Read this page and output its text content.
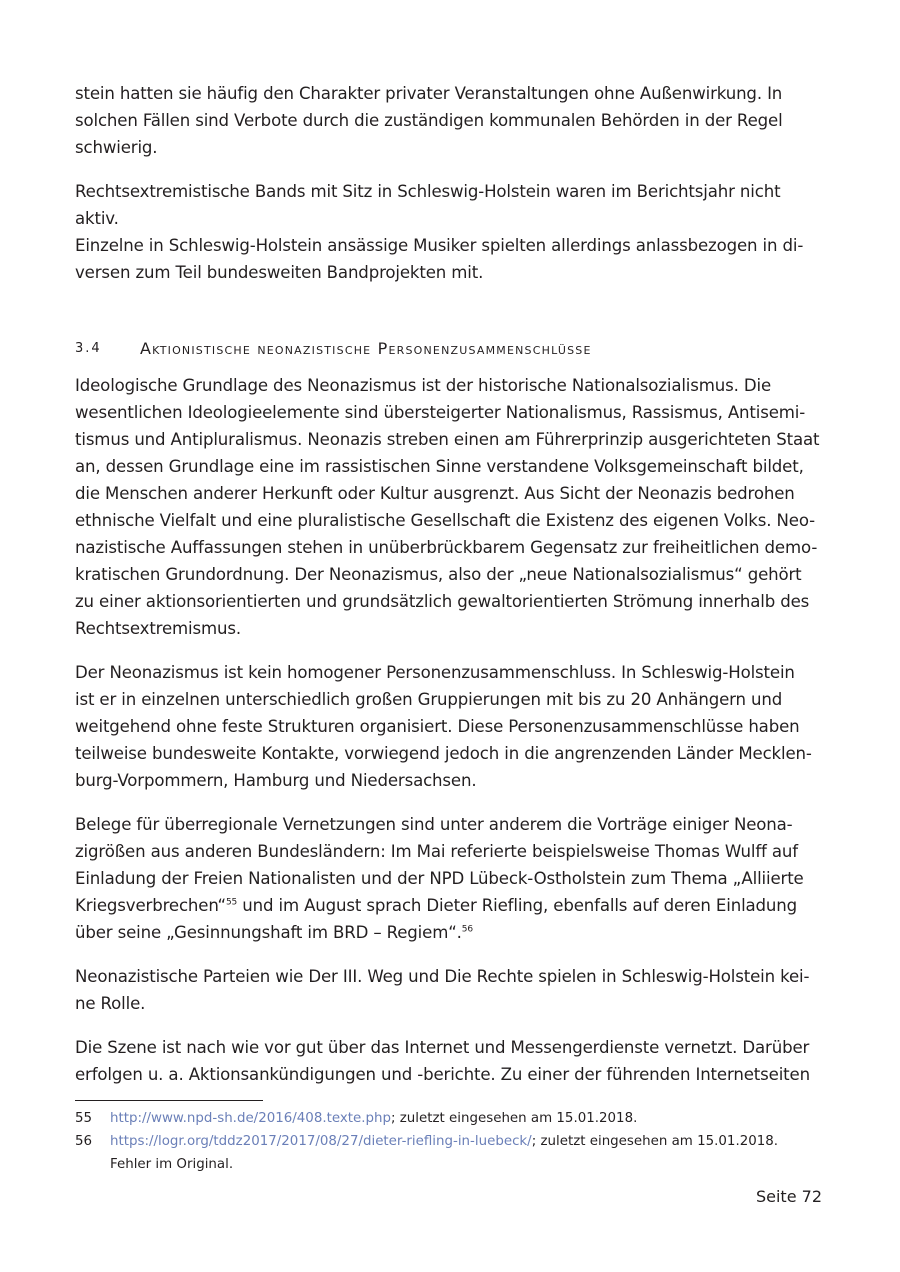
stein hatten sie häufig den Charakter privater Veranstaltungen ohne Außenwirkung. In
solchen Fällen sind Verbote durch die zuständigen kommunalen Behörden in der Regel
schwierig.

Rechtsextremistische Bands mit Sitz in Schleswig-Holstein waren im Berichtsjahr nicht aktiv.
Einzelne in Schleswig-Holstein ansässige Musiker spielten allerdings anlassbezogen in di-
versen zum Teil bundesweiten Bandprojekten mit.

3.4	Aktionistische neonazistische Personenzusammenschlüsse

Ideologische Grundlage des Neonazismus ist der historische Nationalsozialismus. Die
wesentlichen Ideologieelemente sind übersteigerter Nationalismus, Rassismus, Antisemi-
tismus und Antipluralismus. Neonazis streben einen am Führerprinzip ausgerichteten Staat
an, dessen Grundlage eine im rassistischen Sinne verstandene Volksgemeinschaft bildet,
die Menschen anderer Herkunft oder Kultur ausgrenzt. Aus Sicht der Neonazis bedrohen
ethnische Vielfalt und eine pluralistische Gesellschaft die Existenz des eigenen Volks. Neo-
nazistische Auffassungen stehen in unüberbrückbarem Gegensatz zur freiheitlichen demo-
kratischen Grundordnung. Der Neonazismus, also der „neue Nationalsozialismus“ gehört
zu einer aktionsorientierten und grundsätzlich gewaltorientierten Strömung innerhalb des
Rechtsextremismus.

Der Neonazismus ist kein homogener Personenzusammenschluss. In Schleswig-Holstein
ist er in einzelnen unterschiedlich großen Gruppierungen mit bis zu 20 Anhängern und
weitgehend ohne feste Strukturen organisiert. Diese Personenzusammenschlüsse haben
teilweise bundesweite Kontakte, vorwiegend jedoch in die angrenzenden Länder Mecklen-
burg-Vorpommern, Hamburg und Niedersachsen.

Belege für überregionale Vernetzungen sind unter anderem die Vorträge einiger Neona-
zigrößen aus anderen Bundesländern: Im Mai referierte beispielsweise Thomas Wulff auf
Einladung der Freien Nationalisten und der NPD Lübeck-Ostholstein zum Thema „Alliierte
Kriegsverbrechen“$^{55}$ und im August sprach Dieter Riefling, ebenfalls auf deren Einladung
über seine „Gesinnungshaft im BRD – Regiem“.$^{56}$

Neonazistische Parteien wie Der III. Weg und Die Rechte spielen in Schleswig-Holstein kei-
ne Rolle.

Die Szene ist nach wie vor gut über das Internet und Messengerdienste vernetzt. Darüber
erfolgen u. a. Aktionsankündigungen und -berichte. Zu einer der führenden Internetseiten

55	http://www.npd-sh.de/2016/408.texte.php; zuletzt eingesehen am 15.01.2018.
56	https://logr.org/tddz2017/2017/08/27/dieter-riefling-in-luebeck/; zuletzt eingesehen am 15.01.2018.
Fehler im Original.
Seite 72
